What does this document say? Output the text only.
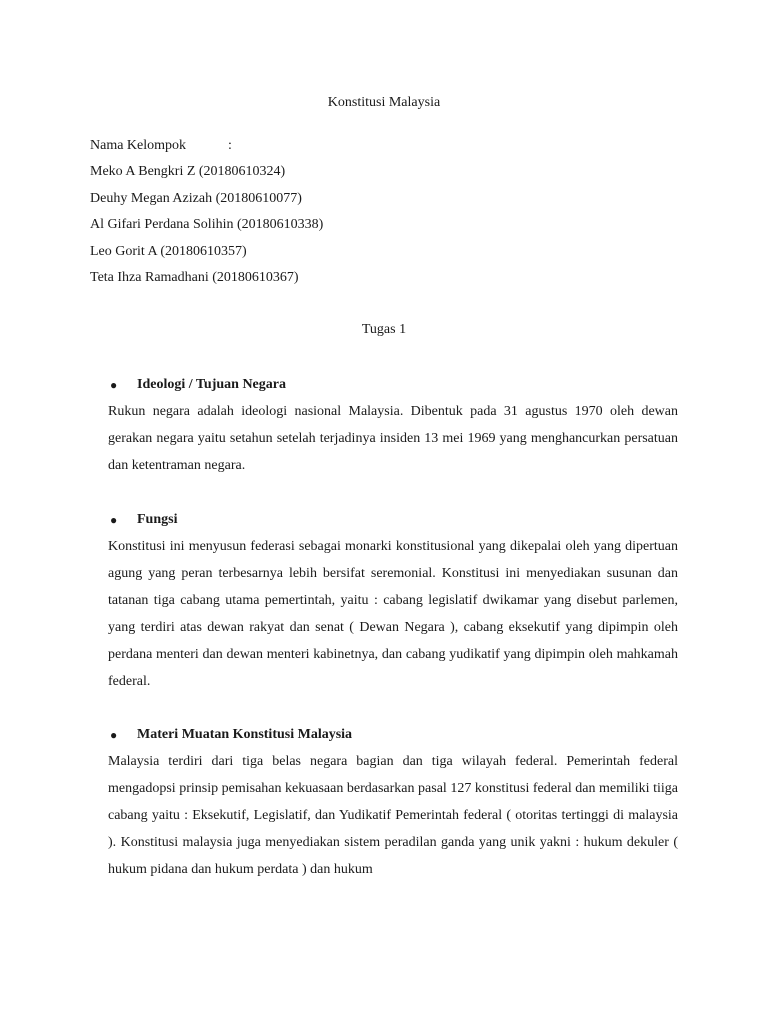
Konstitusi Malaysia
Nama Kelompok	:
Meko A Bengkri Z (20180610324)
Deuhy Megan Azizah (20180610077)
Al Gifari Perdana Solihin (20180610338)
Leo Gorit A (20180610357)
Teta Ihza Ramadhani (20180610367)
Tugas 1
● Ideologi / Tujuan Negara
Rukun negara adalah ideologi nasional Malaysia. Dibentuk pada 31 agustus 1970 oleh dewan gerakan negara yaitu setahun setelah terjadinya insiden 13 mei 1969 yang menghancurkan persatuan dan ketentraman negara.
● Fungsi
Konstitusi ini menyusun federasi sebagai monarki konstitusional yang dikepalai oleh yang dipertuan agung yang peran terbesarnya lebih bersifat seremonial. Konstitusi ini menyediakan susunan dan tatanan tiga cabang utama pemertintah, yaitu : cabang legislatif dwikamar yang disebut parlemen, yang terdiri atas dewan rakyat dan senat ( Dewan Negara ), cabang eksekutif yang dipimpin oleh perdana menteri dan dewan menteri kabinetnya, dan cabang yudikatif yang dipimpin oleh mahkamah federal.
● Materi Muatan Konstitusi Malaysia
Malaysia terdiri dari tiga belas negara bagian dan tiga wilayah federal. Pemerintah federal mengadopsi prinsip pemisahan kekuasaan berdasarkan pasal 127 konstitusi federal dan memiliki tiiga cabang yaitu : Eksekutif, Legislatif, dan Yudikatif Pemerintah federal ( otoritas tertinggi di malaysia ). Konstitusi malaysia juga menyediakan sistem peradilan ganda yang unik yakni : hukum dekuler ( hukum pidana dan hukum perdata ) dan hukum
